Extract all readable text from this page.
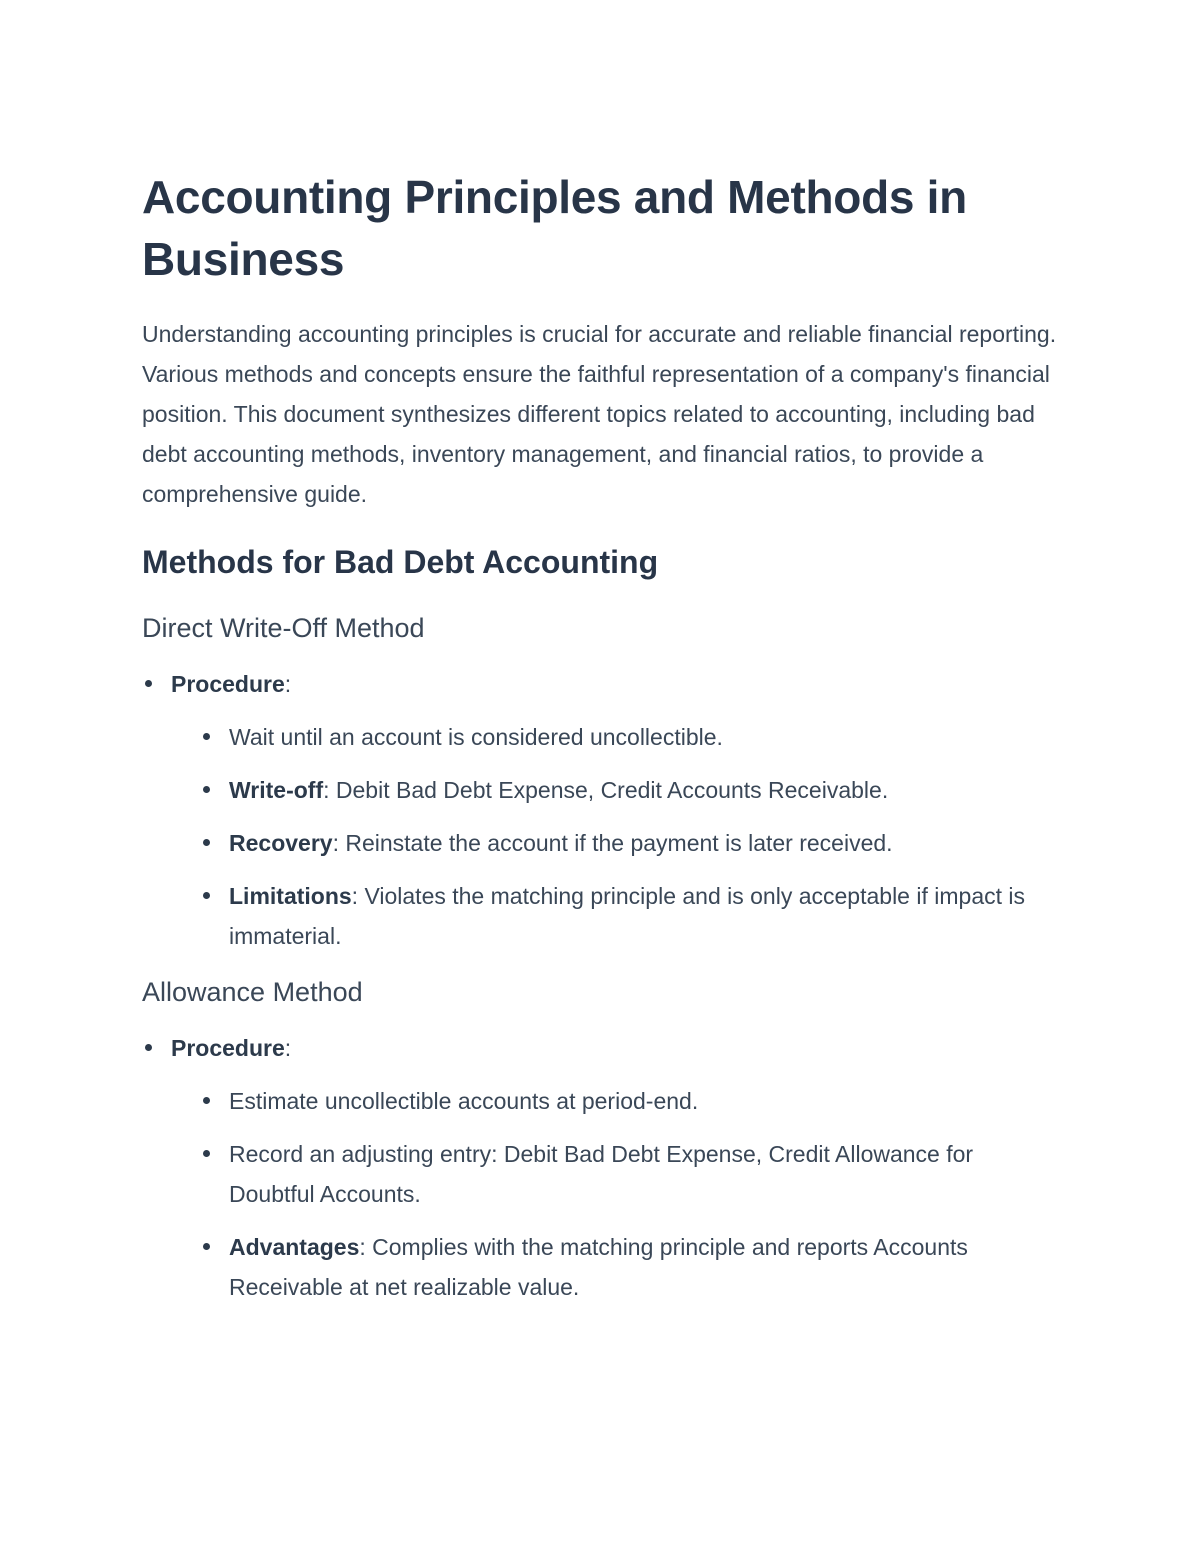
Accounting Principles and Methods in Business

Understanding accounting principles is crucial for accurate and reliable financial reporting. Various methods and concepts ensure the faithful representation of a company's financial position. This document synthesizes different topics related to accounting, including bad debt accounting methods, inventory management, and financial ratios, to provide a comprehensive guide.

Methods for Bad Debt Accounting
Direct Write-Off Method
Procedure:
Wait until an account is considered uncollectible.
Write-off: Debit Bad Debt Expense, Credit Accounts Receivable.
Recovery: Reinstate the account if the payment is later received.
Limitations: Violates the matching principle and is only acceptable if impact is immaterial.
Allowance Method
Procedure:
Estimate uncollectible accounts at period-end.
Record an adjusting entry: Debit Bad Debt Expense, Credit Allowance for Doubtful Accounts.
Advantages: Complies with the matching principle and reports Accounts Receivable at net realizable value.
